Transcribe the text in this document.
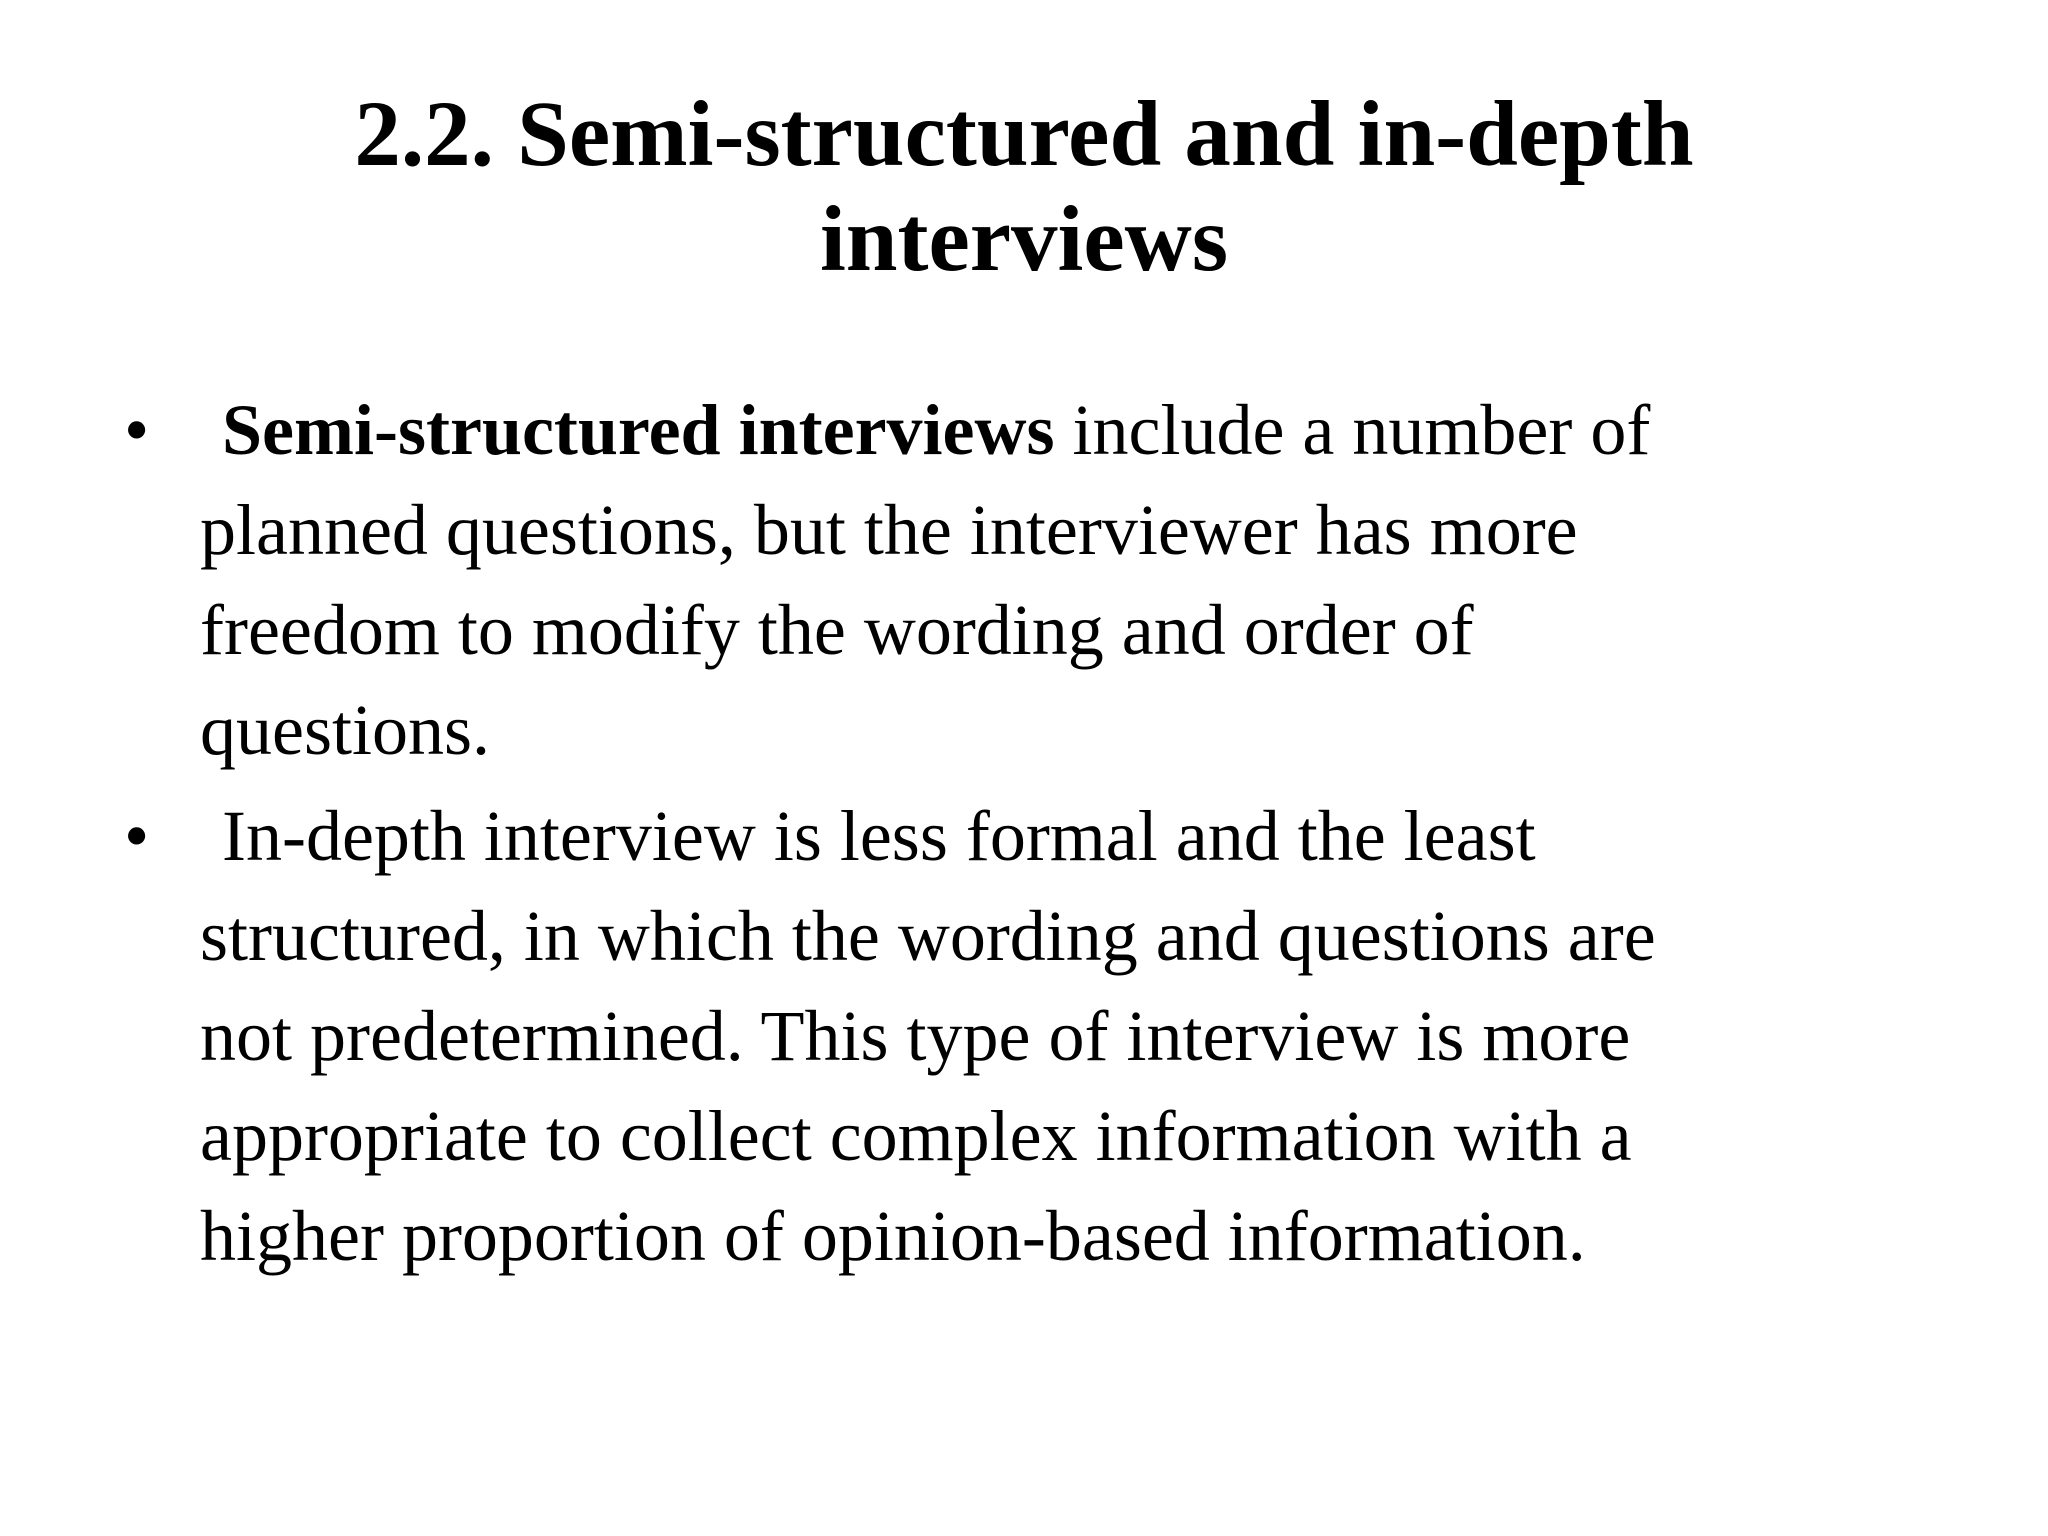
2.2. Semi-structured and in-depth
interviews
•	Semi-structured interviews include a number of
planned questions, but the interviewer has more
freedom to modify the wording and order of
questions.
•	In-depth interview is less formal and the least
structured, in which the wording and questions are
not predetermined. This type of interview is more
appropriate to collect complex information with a
higher proportion of opinion-based information.
